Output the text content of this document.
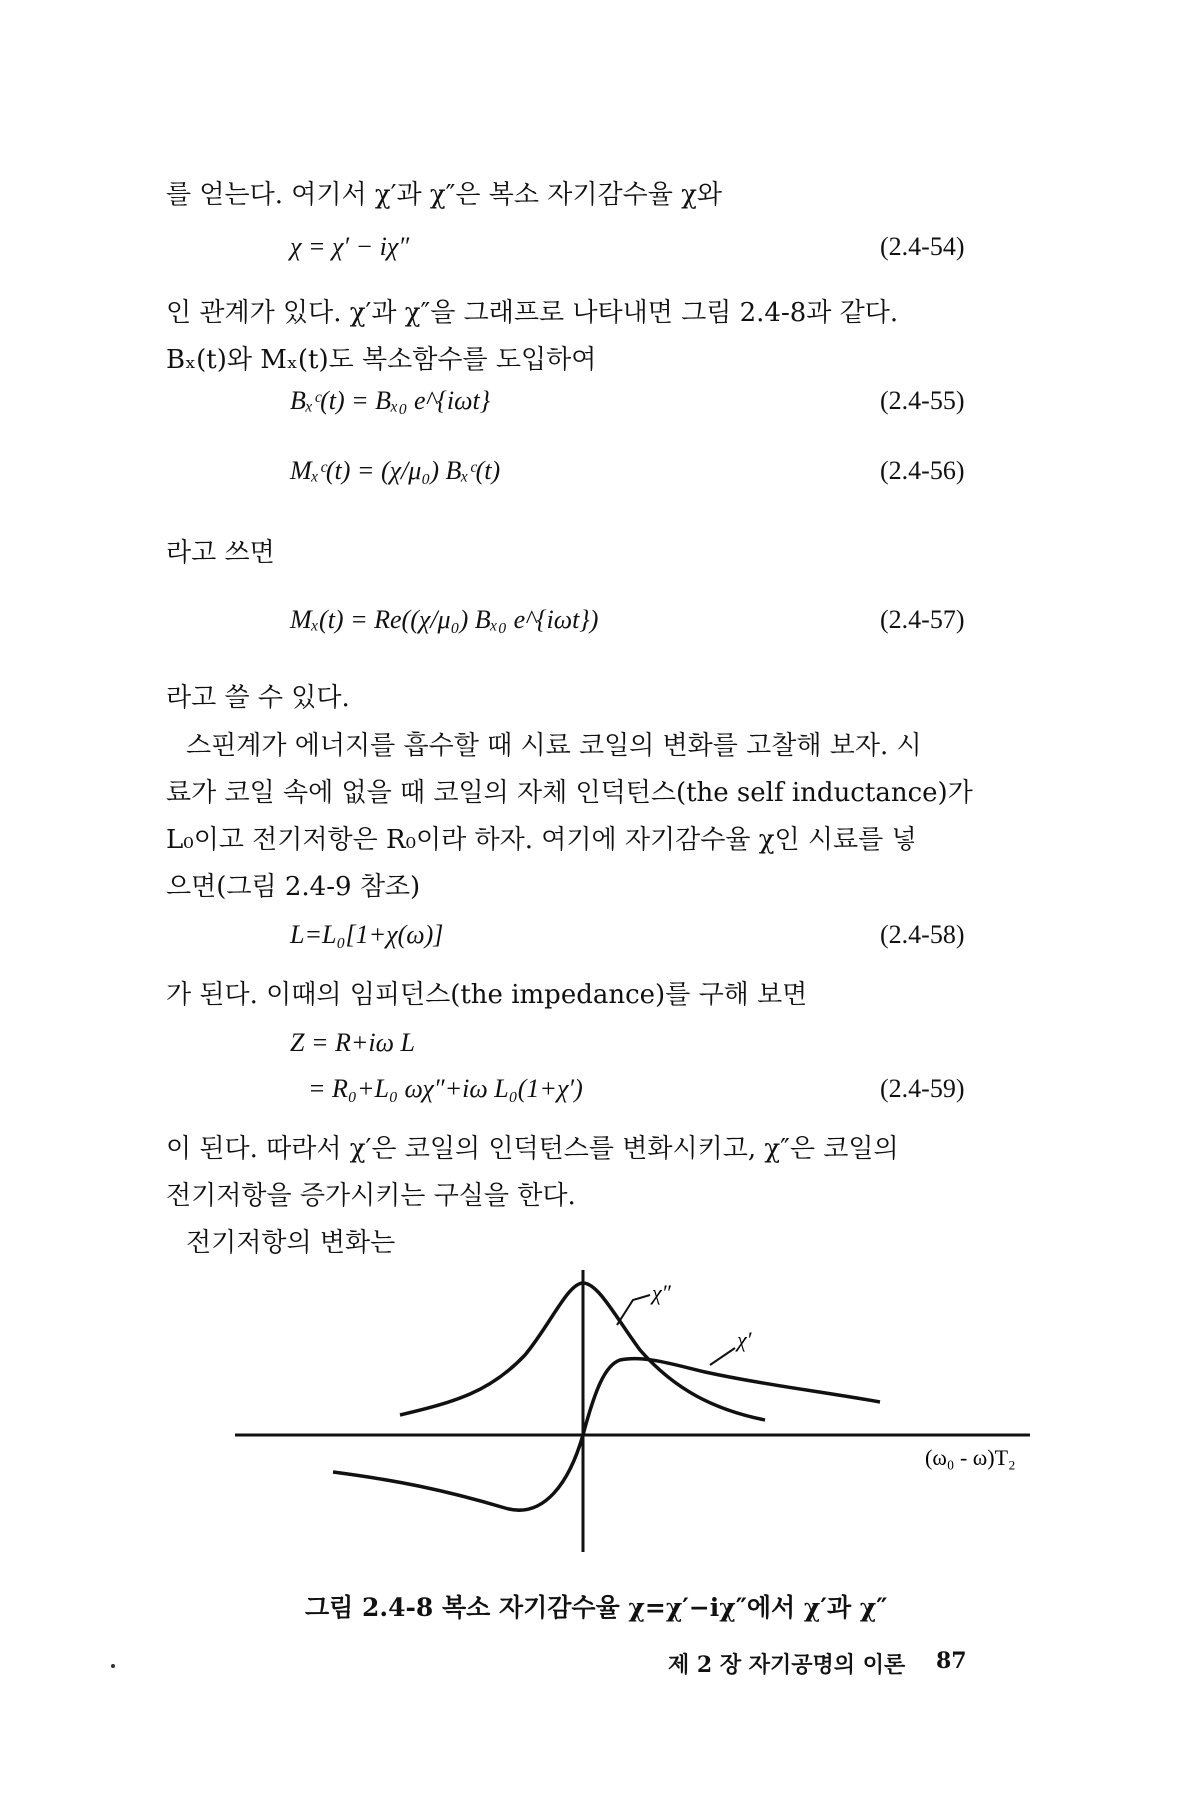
를 얻는다. 여기서 χ′과 χ″은 복소 자기감수율 χ와
χ = χ′ − iχ″	(2.4-54)
인 관계가 있다. χ′과 χ″을 그래프로 나타내면 그림 2.4-8과 같다.
Bₓ(t)와 Mₓ(t)도 복소함수를 도입하여
Bₓᶜ(t) = Bₓ₀ e^{iωt}	(2.4-55)
Mₓᶜ(t) = (χ/μ₀) Bₓᶜ(t)	(2.4-56)
라고 쓰면
Mₓ(t) = Re((χ/μ₀) Bₓ₀ e^{iωt})	(2.4-57)
라고 쓸 수 있다.
스핀계가 에너지를 흡수할 때 시료 코일의 변화를 고찰해 보자. 시
료가 코일 속에 없을 때 코일의 자체 인덕턴스(the self inductance)가
L₀이고 전기저항은 R₀이라 하자. 여기에 자기감수율 χ인 시료를 넣
으면(그림 2.4-9 참조)
L=L₀[1+χ(ω)]	(2.4-58)
가 된다. 이때의 임피던스(the impedance)를 구해 보면
Z = R+iω L
= R₀+L₀ ωχ″+iω L₀(1+χ′)	(2.4-59)
이 된다. 따라서 χ′은 코일의 인덕턴스를 변화시키고, χ″은 코일의
전기저항을 증가시키는 구실을 한다.
전기저항의 변화는
χ″
χ′
(ω₀ - ω)T₂
그림 2.4-8 복소 자기감수율 χ=χ′−iχ″에서 χ′과 χ″
제 2 장 자기공명의 이론 87
